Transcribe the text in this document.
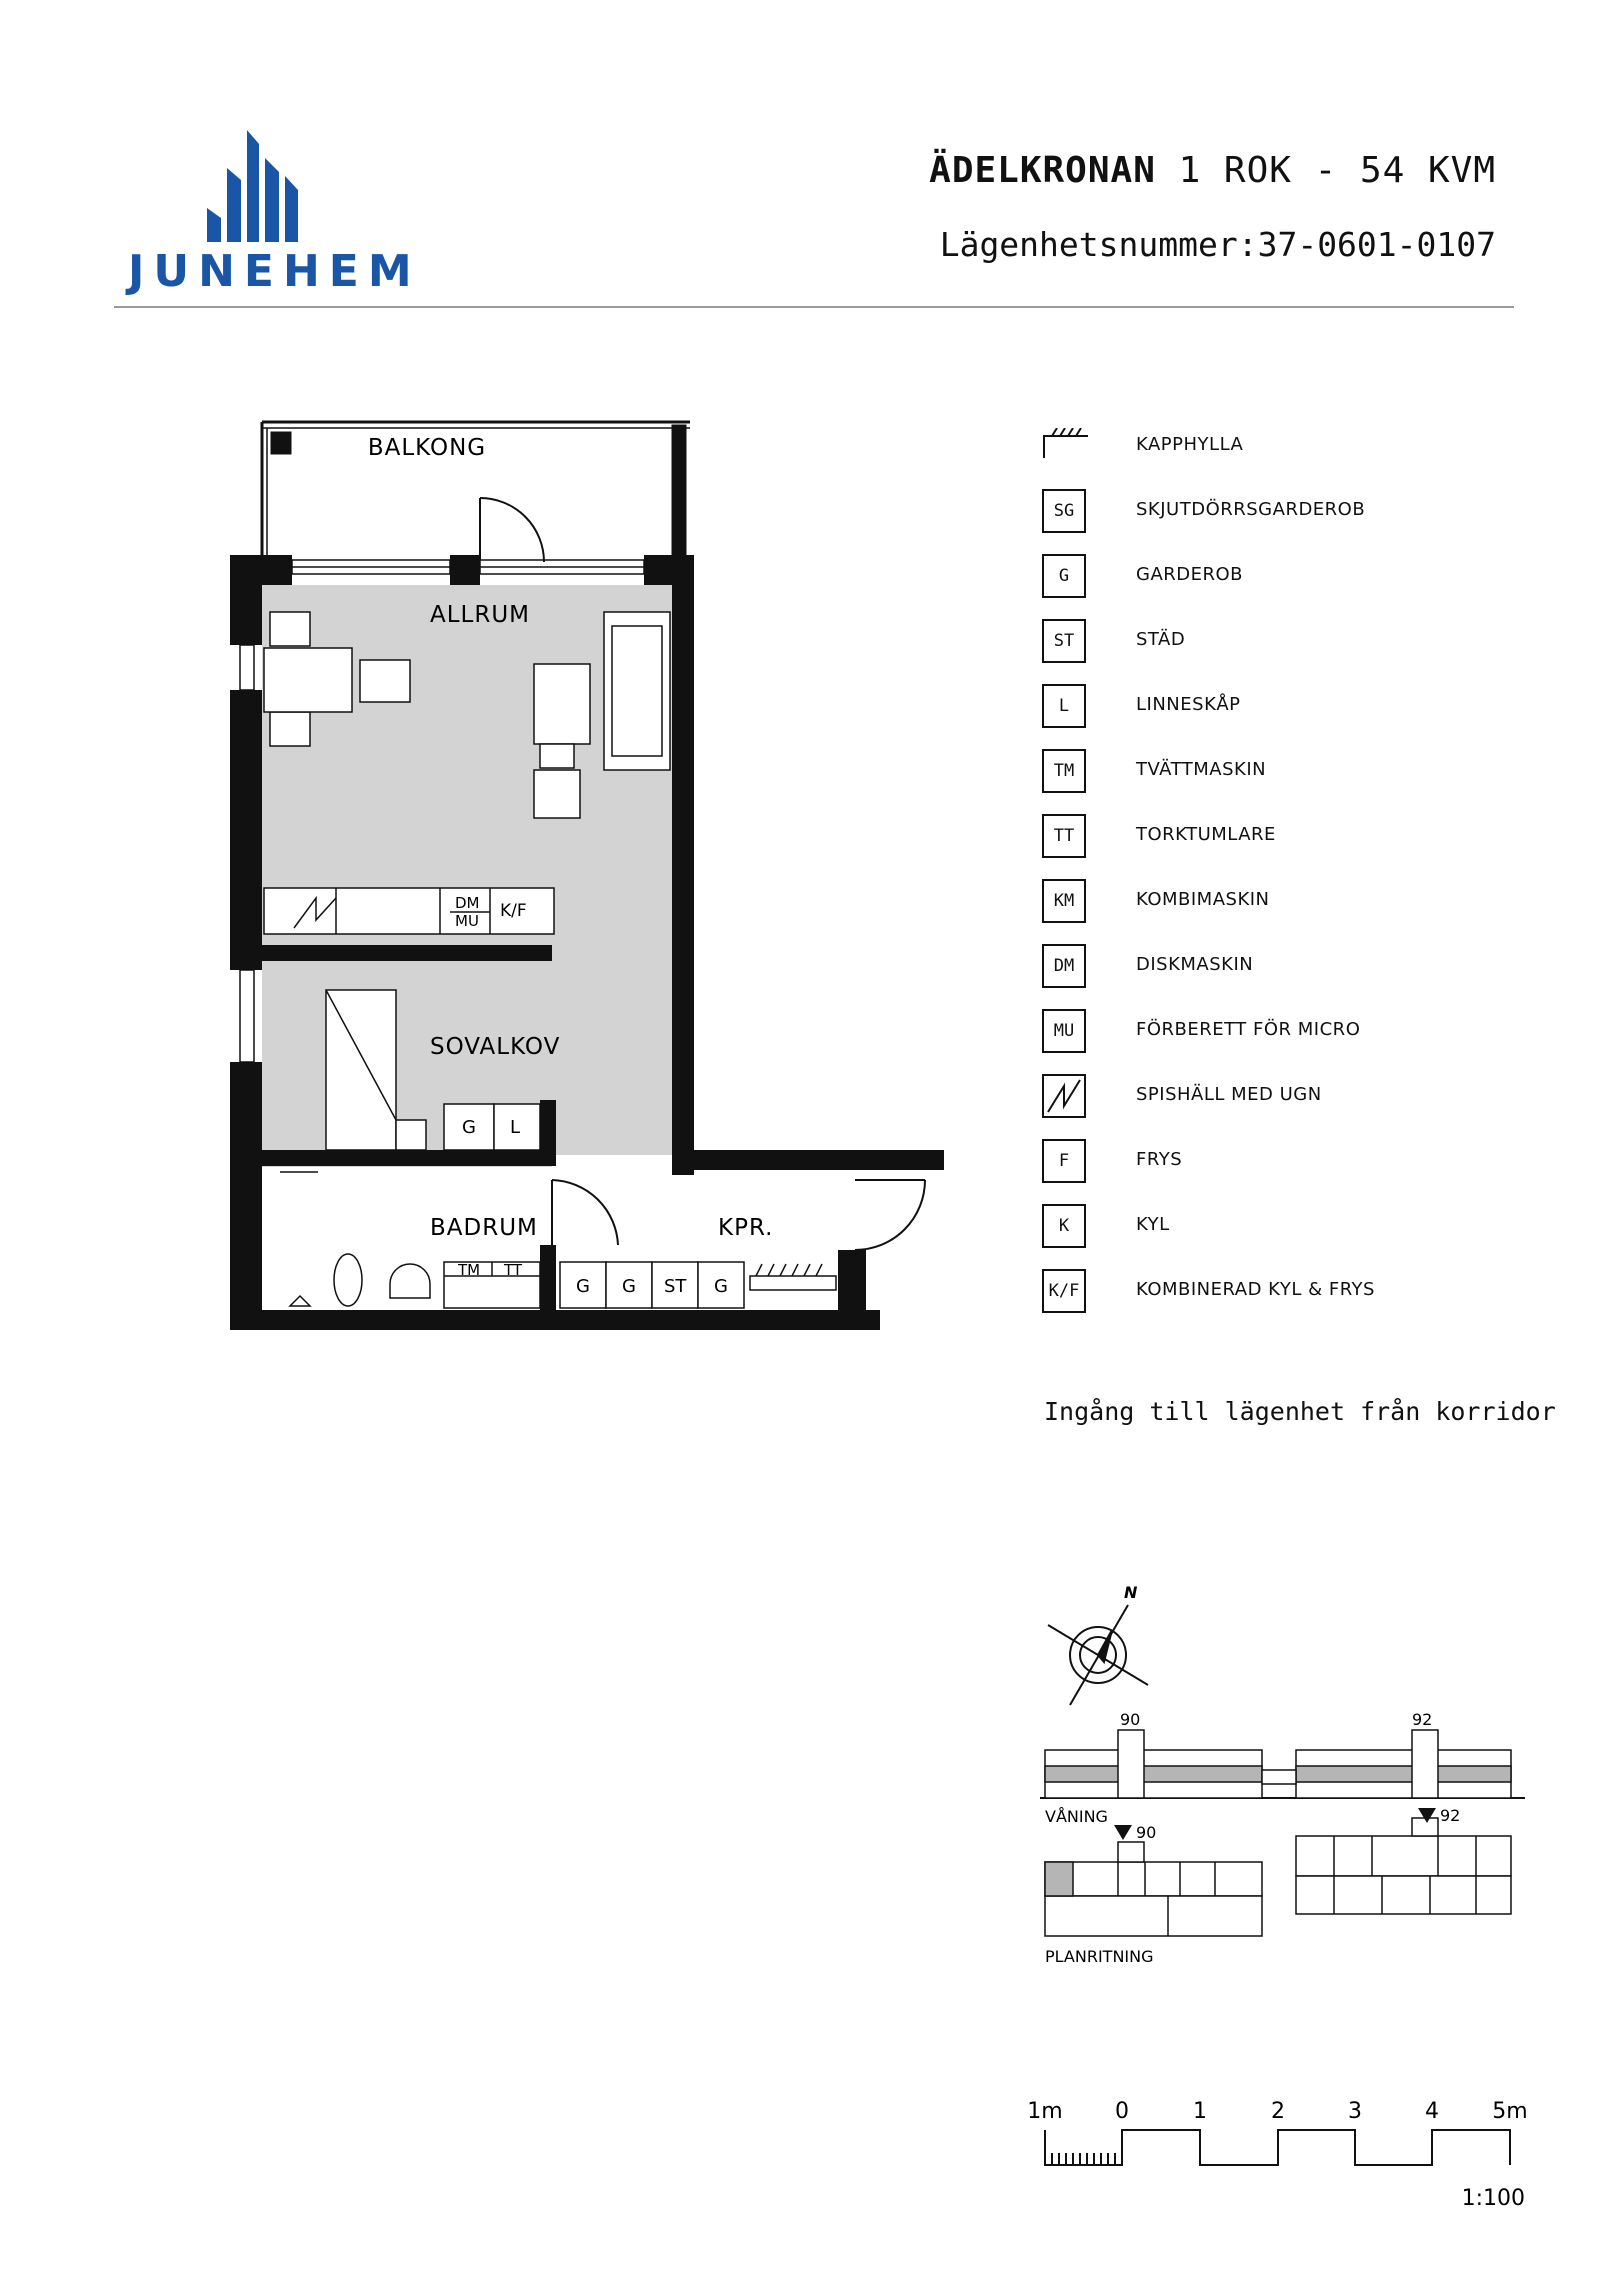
JUNEHEM
ÄDELKRONAN 1 ROK - 54 KVM
Lägenhetsnummer:37-0601-0107
DM
MU K/F
G L
TM TT
G G ST G
BALKONG
ALLRUM
SOVALKOV
BADRUM	KPR.
N
90	92
VÅNING
90
92
PLANRITNING
1m 0	1	2	3	4 5m
1:100
KAPPHYLLA
SG	SKJUTDÖRRSGARDEROB
G	GARDEROB
ST	STÄD
L	LINNESKÅP
TM	TVÄTTMASKIN
TT	TORKTUMLARE
KM	KOMBIMASKIN
DM	DISKMASKIN
MU	FÖRBERETT FÖR MICRO
SPISHÄLL MED UGN
F	FRYS
K	KYL
K/F	KOMBINERAD KYL & FRYS
Ingång till lägenhet från korridor
